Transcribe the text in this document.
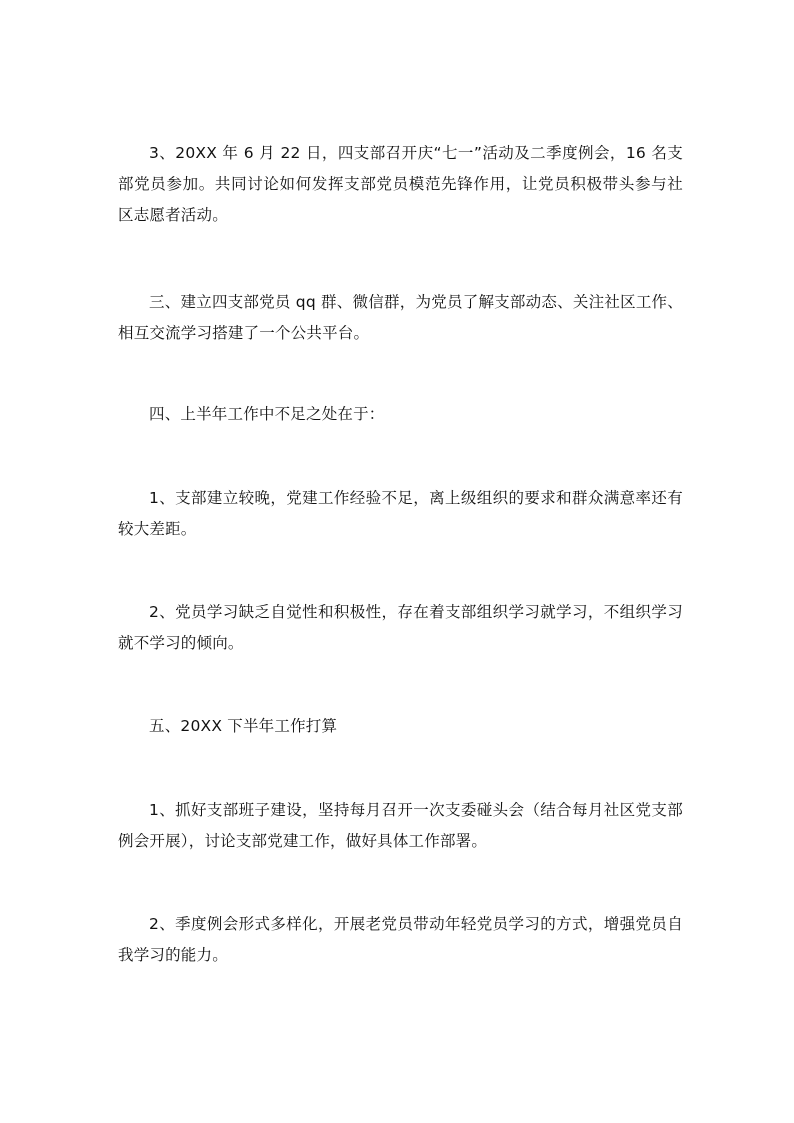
3、20XX 年 6 月 22 日，四支部召开庆“七一”活动及二季度例会，16 名支部党员参加。共同讨论如何发挥支部党员模范先锋作用，让党员积极带头参与社区志愿者活动。

三、建立四支部党员 qq 群、微信群，为党员了解支部动态、关注社区工作、相互交流学习搭建了一个公共平台。

四、上半年工作中不足之处在于：

1、支部建立较晚，党建工作经验不足，离上级组织的要求和群众满意率还有较大差距。

2、党员学习缺乏自觉性和积极性，存在着支部组织学习就学习，不组织学习就不学习的倾向。

五、20XX 下半年工作打算

1、抓好支部班子建设，坚持每月召开一次支委碰头会（结合每月社区党支部例会开展），讨论支部党建工作，做好具体工作部署。

2、季度例会形式多样化，开展老党员带动年轻党员学习的方式，增强党员自我学习的能力。
